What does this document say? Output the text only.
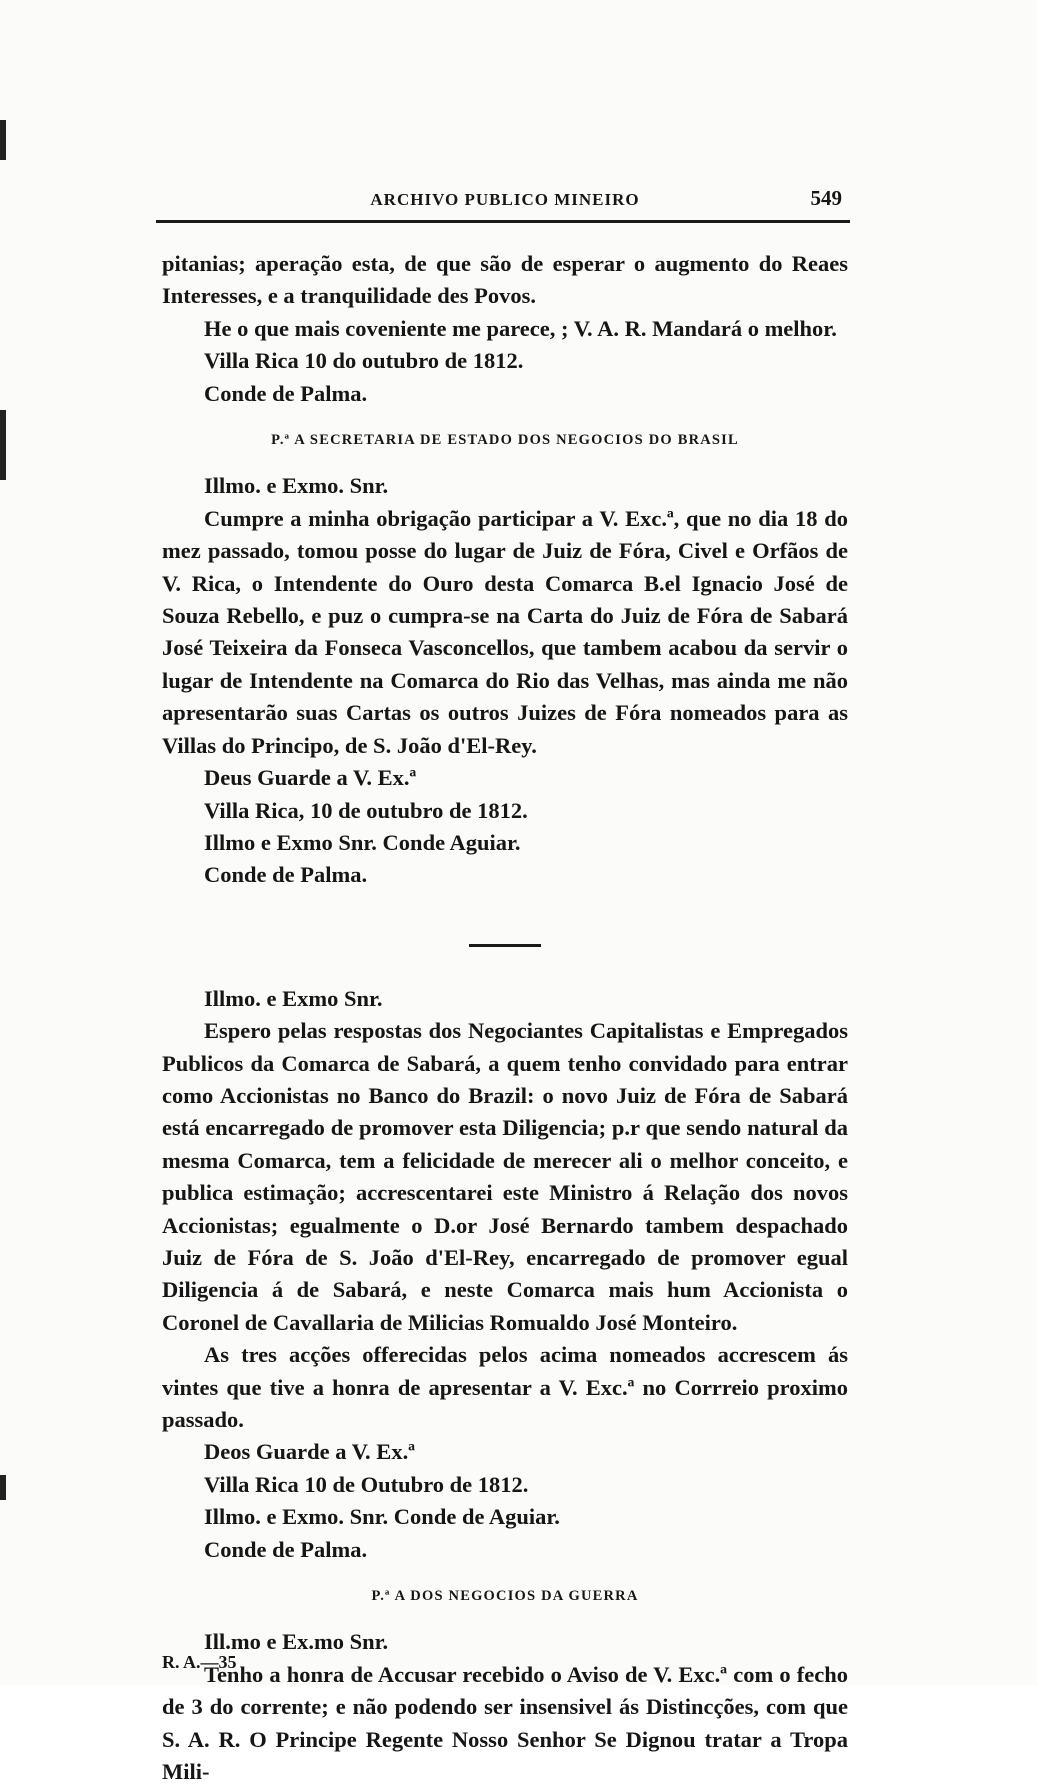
ARCHIVO PUBLICO MINEIRO	549

pitanias; aperação esta, de que são de esperar o augmento do Reaes Interesses, e a tranquilidade des Povos.

He o que mais coveniente me parece, ; V. A. R. Mandará o melhor.

Villa Rica 10 do outubro de 1812.

Conde de Palma.

P.ª A SECRETARIA DE ESTADO DOS NEGOCIOS DO BRASIL

Illmo. e Exmo. Snr.

Cumpre a minha obrigação participar a V. Exc.ª, que no dia 18 do mez passado, tomou posse do lugar de Juiz de Fóra, Civel e Orfãos de V. Rica, o Intendente do Ouro desta Comarca B.el Ignacio José de Souza Rebello, e puz o cumpra-se na Carta do Juiz de Fóra de Sabará José Teixeira da Fonseca Vasconcellos, que tambem acabou da servir o lugar de Intendente na Comarca do Rio das Velhas, mas ainda me não apresentarão suas Cartas os outros Juizes de Fóra nomeados para as Villas do Principo, de S. João d'El-Rey.

Deus Guarde a V. Ex.ª

Villa Rica, 10 de outubro de 1812.

Illmo e Exmo Snr. Conde Aguiar.

Conde de Palma.

Illmo. e Exmo Snr.

Espero pelas respostas dos Negociantes Capitalistas e Empregados Publicos da Comarca de Sabará, a quem tenho convidado para entrar como Accionistas no Banco do Brazil: o novo Juiz de Fóra de Sabará está encarregado de promover esta Diligencia; p.r que sendo natural da mesma Comarca, tem a felicidade de merecer ali o melhor conceito, e publica estimação; accrescentarei este Ministro á Relação dos novos Accionistas; egualmente o D.or José Bernardo tambem despachado Juiz de Fóra de S. João d'El-Rey, encarregado de promover egual Diligencia á de Sabará, e neste Comarca mais hum Accionista o Coronel de Cavallaria de Milicias Romualdo José Monteiro.

As tres acções offerecidas pelos acima nomeados accrescem ás vintes que tive a honra de apresentar a V. Exc.ª no Corrreio proximo passado.

Deos Guarde a V. Ex.ª

Villa Rica 10 de Outubro de 1812.

Illmo. e Exmo. Snr. Conde de Aguiar.

Conde de Palma.

P.ª A DOS NEGOCIOS DA GUERRA

Ill.mo e Ex.mo Snr.

Tenho a honra de Accusar recebido o Aviso de V. Exc.ª com o fecho de 3 do corrente; e não podendo ser insensivel ás Distincções, com que S. A. R. O Principe Regente Nosso Senhor Se Dignou tratar a Tropa Mili-

R. A.—35
